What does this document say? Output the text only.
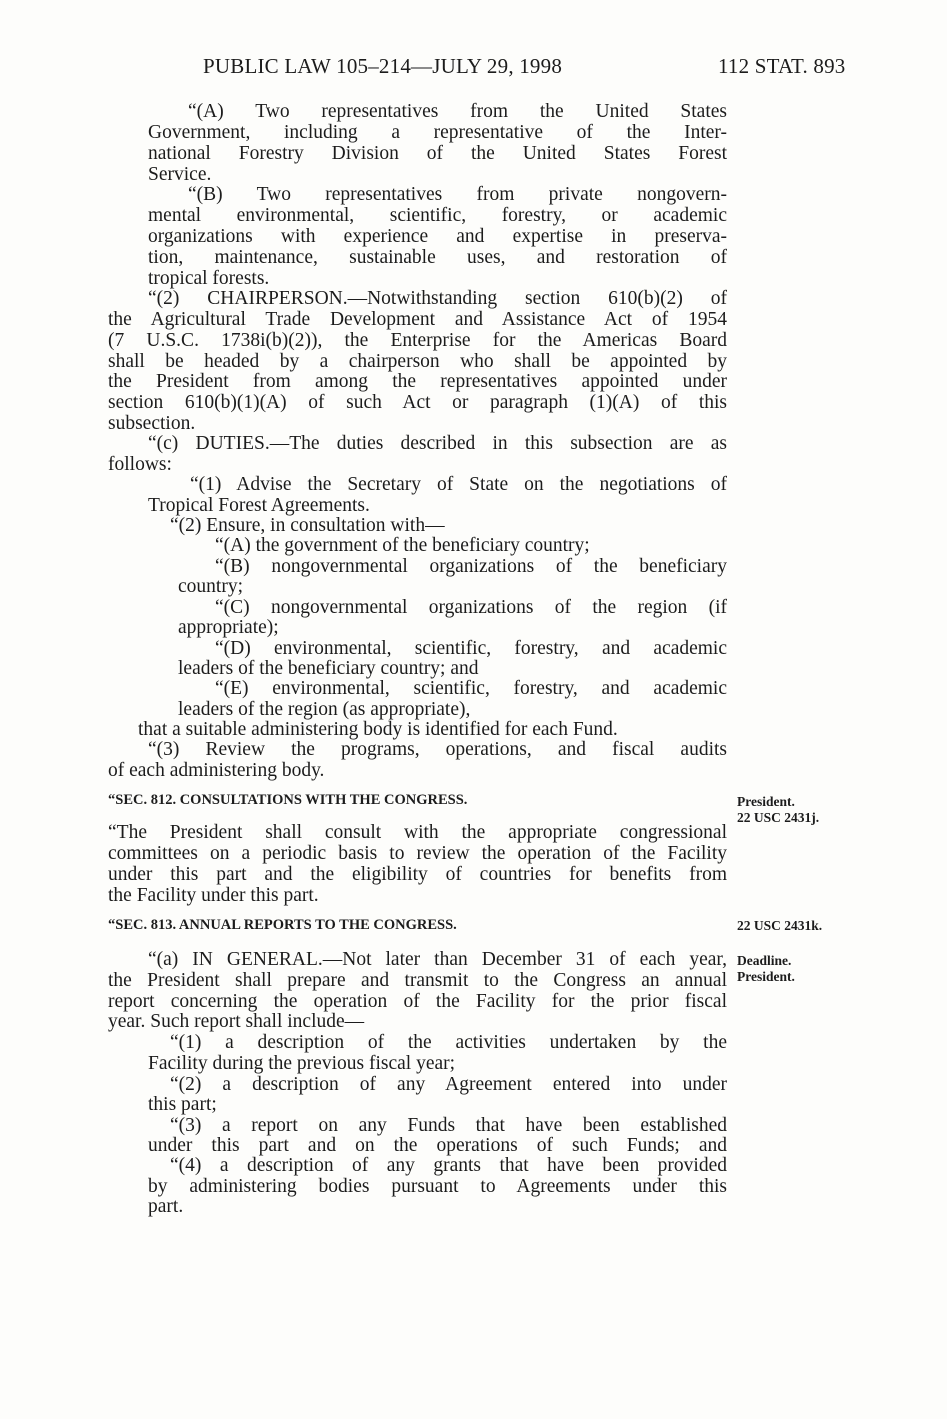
PUBLIC LAW 105–214—JULY 29, 1998	112 STAT. 893
“(A) Two representatives from the United States
Government, including a representative of the Inter-
national Forestry Division of the United States Forest
Service.
“(B) Two representatives from private nongovern-
mental environmental, scientific, forestry, or academic
organizations with experience and expertise in preserva-
tion, maintenance, sustainable uses, and restoration of
tropical forests.
“(2) CHAIRPERSON.—Notwithstanding section 610(b)(2) of
the Agricultural Trade Development and Assistance Act of 1954
(7 U.S.C. 1738i(b)(2)), the Enterprise for the Americas Board
shall be headed by a chairperson who shall be appointed by
the President from among the representatives appointed under
section 610(b)(1)(A) of such Act or paragraph (1)(A) of this
subsection.
“(c) DUTIES.—The duties described in this subsection are as
follows:
“(1) Advise the Secretary of State on the negotiations of
Tropical Forest Agreements.
“(2) Ensure, in consultation with—
“(A) the government of the beneficiary country;
“(B) nongovernmental organizations of the beneficiary
country;
“(C) nongovernmental organizations of the region (if
appropriate);
“(D) environmental, scientific, forestry, and academic
leaders of the beneficiary country; and
“(E) environmental, scientific, forestry, and academic
leaders of the region (as appropriate),
that a suitable administering body is identified for each Fund.
“(3) Review the programs, operations, and fiscal audits
of each administering body.
“SEC. 812. CONSULTATIONS WITH THE CONGRESS.	President.
22 USC 2431j.
“The President shall consult with the appropriate congressional
committees on a periodic basis to review the operation of the Facility
under this part and the eligibility of countries for benefits from
the Facility under this part.
“SEC. 813. ANNUAL REPORTS TO THE CONGRESS.	22 USC 2431k.
Deadline.
President.
“(a) IN GENERAL.—Not later than December 31 of each year,
the President shall prepare and transmit to the Congress an annual
report concerning the operation of the Facility for the prior fiscal
year. Such report shall include—
“(1) a description of the activities undertaken by the
Facility during the previous fiscal year;
“(2) a description of any Agreement entered into under
this part;
“(3) a report on any Funds that have been established
under this part and on the operations of such Funds; and
“(4) a description of any grants that have been provided
by administering bodies pursuant to Agreements under this
part.
